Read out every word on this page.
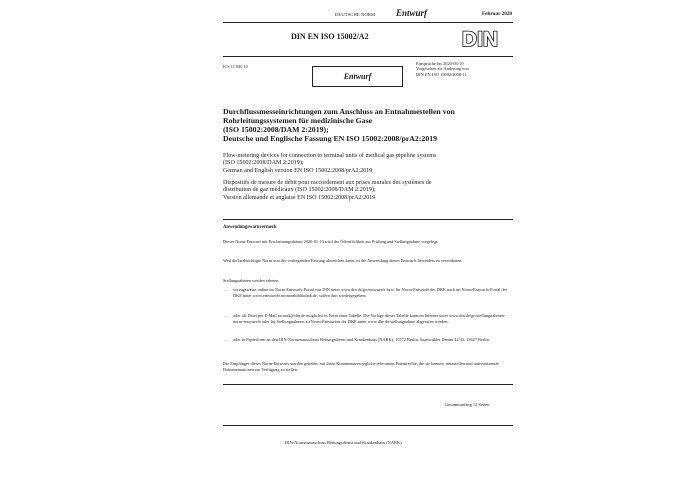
DEUTSCHE NORM Entwurf	Februar 2020
DIN EN ISO 15002/A2	DIN
ICS 11.040.10
Entwurf
Einsprüche bis 2020-03-10
Vorgesehen als Änderung von
DIN EN ISO 15002:2008-11
Durchflussmesseinrichtungen zum Anschluss an Entnahmestellen von
Rohrleitungssystemen für medizinische Gase
(ISO 15002:2008/DAM 2:2019);
Deutsche und Englische Fassung EN ISO 15002:2008/prA2:2019
Flow-metering devices for connection to terminal units of medical gas pipeline systems
(ISO 15002:2008/DAM 2:2019);
German and English version EN ISO 15002:2008/prA2:2019
Dispositifs de mesure de débit pour raccordement aux prises murales des systèmes de
distribution de gaz médicaux (ISO 15002:2008/DAM 2:2019);
Version allemande et anglaise EN ISO 15002:2008/prA2:2019
Anwendungswarnvermerk
Dieser Norm-Entwurf mit Erscheinungsdatum 2020-01-10 wird der Öffentlichkeit zur Prüfung und Stellungnahme vorgelegt.
Weil die beabsichtigte Norm von der vorliegenden Fassung abweichen kann, ist die Anwendung dieses Entwurfs besonders zu vereinbaren.
Stellungnahmen werden erbeten
–	vorzugsweise online im Norm-Entwurfs-Portal von DIN unter www.din.de/go/entwuerfe bzw. für Norm-Entwürfe der DKE auch im Norm-Entwurfs-Portal der DKE unter www.entwuerfe.normenbibliothek.de, sofern dort wiedergegeben;
–	oder als Datei per E-Mail an nark@din.de möglichst in Form einer Tabelle. Die Vorlage dieser Tabelle kann im Internet unter www.din.de/go/stellungnahmen-norm-entwuerfe oder für Stellungnahmen zu Norm-Entwürfen der DKE unter www.dke.de/stellungnahme abgerufen werden;
–	oder in Papierform an den DIN-Normenausschuss Rettungsdienst und Krankenhaus (NARK), 10772 Berlin, Saatwinkler Damm 42/43, 13627 Berlin.
Die Empfänger dieses Norm-Entwurfs werden gebeten, mit ihren Kommentaren jegliche relevanten Patentrechte, die sie kennen, mitzuteilen und unterstützende Dokumentationen zur Verfügung zu stellen.
Gesamtumfang 12 Seiten
DIN-Normenausschuss Rettungsdienst und Krankenhaus (NARK)
